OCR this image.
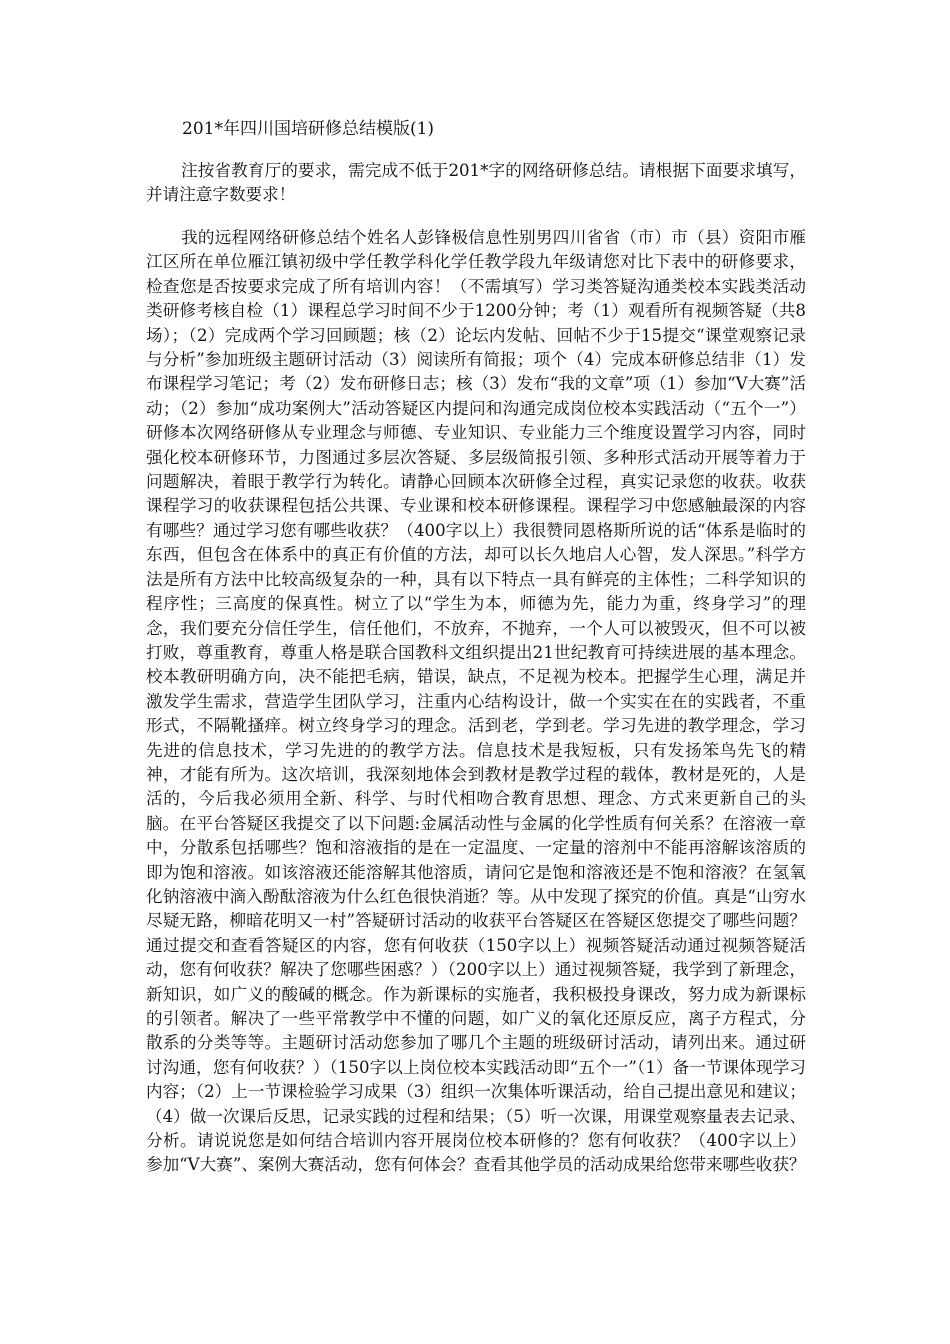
201*年四川国培研修总结模版(1)

注按省教育厅的要求，需完成不低于201*字的网络研修总结。请根据下面要求填写，并请注意字数要求！

我的远程网络研修总结个姓名人彭锋极信息性别男四川省省（市）市（县）资阳市雁江区所在单位雁江镇初级中学任教学科化学任教学段九年级请您对比下表中的研修要求，检查您是否按要求完成了所有培训内容！（不需填写）学习类答疑沟通类校本实践类活动类研修考核自检（1）课程总学习时间不少于1200分钟；考（1）观看所有视频答疑（共8场）；（2）完成两个学习回顾题；核（2）论坛内发帖、回帖不少于15提交“课堂观察记录与分析”参加班级主题研讨活动（3）阅读所有简报；项个（4）完成本研修总结非（1）发布课程学习笔记；考（2）发布研修日志；核（3）发布“我的文章”项（1）参加“V大赛”活动；（2）参加“成功案例大”活动答疑区内提问和沟通完成岗位校本实践活动（“五个一”）研修本次网络研修从专业理念与师德、专业知识、专业能力三个维度设置学习内容，同时强化校本研修环节，力图通过多层次答疑、多层级简报引领、多种形式活动开展等着力于问题解决，着眼于教学行为转化。请静心回顾本次研修全过程，真实记录您的收获。收获课程学习的收获课程包括公共课、专业课和校本研修课程。课程学习中您感触最深的内容有哪些？通过学习您有哪些收获？（400字以上）我很赞同恩格斯所说的话“体系是临时的东西，但包含在体系中的真正有价值的方法，却可以长久地启人心智，发人深思。”科学方法是所有方法中比较高级复杂的一种，具有以下特点一具有鲜亮的主体性；二科学知识的程序性；三高度的保真性。树立了以“学生为本，师德为先，能力为重，终身学习”的理念，我们要充分信任学生，信任他们，不放弃，不抛弃，一个人可以被毁灭，但不可以被打败，尊重教育，尊重人格是联合国教科文组织提出21世纪教育可持续进展的基本理念。校本教研明确方向，决不能把毛病，错误，缺点，不足视为校本。把握学生心理，满足并激发学生需求，营造学生团队学习，注重内心结构设计，做一个实实在在的实践者，不重形式，不隔靴搔痒。树立终身学习的理念。活到老，学到老。学习先进的教学理念，学习先进的信息技术，学习先进的的教学方法。信息技术是我短板，只有发扬笨鸟先飞的精神，才能有所为。这次培训，我深刻地体会到教材是教学过程的载体，教材是死的，人是活的，今后我必须用全新、科学、与时代相吻合教育思想、理念、方式来更新自己的头脑。在平台答疑区我提交了以下问题:金属活动性与金属的化学性质有何关系？在溶液一章中，分散系包括哪些？饱和溶液指的是在一定温度、一定量的溶剂中不能再溶解该溶质的即为饱和溶液。如该溶液还能溶解其他溶质，请问它是饱和溶液还是不饱和溶液？在氢氧化钠溶液中滴入酚酞溶液为什么红色很快消逝？等。从中发现了探究的价值。真是“山穷水尽疑无路，柳暗花明又一村”答疑研讨活动的收获平台答疑区在答疑区您提交了哪些问题？通过提交和查看答疑区的内容，您有何收获（150字以上）视频答疑活动通过视频答疑活动，您有何收获？解决了您哪些困惑？）（200字以上）通过视频答疑，我学到了新理念，新知识，如广义的酸碱的概念。作为新课标的实施者，我积极投身课改，努力成为新课标的引领者。解决了一些平常教学中不懂的问题，如广义的氧化还原反应，离子方程式，分散系的分类等等。主题研讨活动您参加了哪几个主题的班级研讨活动，请列出来。通过研讨沟通，您有何收获？）（150字以上岗位校本实践活动即“五个一”（1）备一节课体现学习内容；（2）上一节课检验学习成果（3）组织一次集体听课活动，给自己提出意见和建议；（4）做一次课后反思，记录实践的过程和结果；（5）听一次课，用课堂观察量表去记录、分析。请说说您是如何结合培训内容开展岗位校本研修的？您有何收获？（400字以上）参加“V大赛”、案例大赛活动，您有何体会？查看其他学员的活动成果给您带来哪些收获？
